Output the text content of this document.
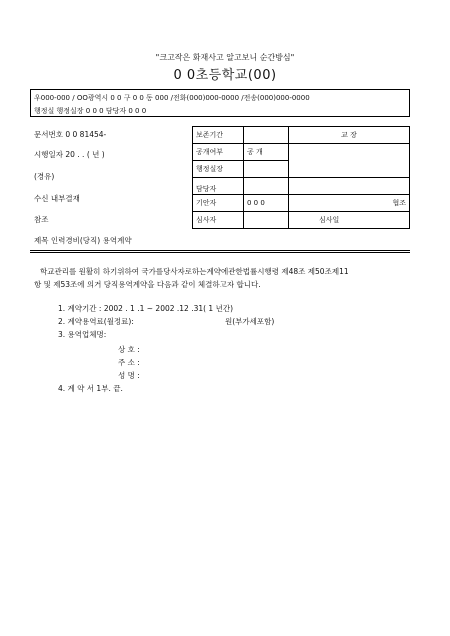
"크고작은 화재사고 알고보니 순간방심"
0 0초등학교(00)
우000-000 / OO광역시 0 0 구 0 0 동 000 /전화(000)000-0000 /전송(000)000-0000
행정실 행정실장 0 0 0 담당자 0 0 0
문서번호 0 0 81454-
시행일자 20 . . ( 년 )
(경유)
수신 내부결재
참조
제목 인력경비(당직) 용역계약
보존기간		교 장
공개여부	공 개	
행정실장		
담당자		
기안자	0 0 0	협조
심사자		심사일
학교관리를 원활히 하기위하여 국가를당사자로하는계약에관한법률시행령 제48조 제50조제11
항 및 제53조에 의거 당직용역계약을 다음과 같이 체결하고자 합니다.
1. 계약기간 : 2002 . 1 .1 ~ 2002 .12 .31( 1 년간)
2. 계약용역료(월정료):	원(부가세포함)
3. 용역업체명:
상 호 :
주 소 :
성 명 :
4. 계 약 서 1부. 끝.
